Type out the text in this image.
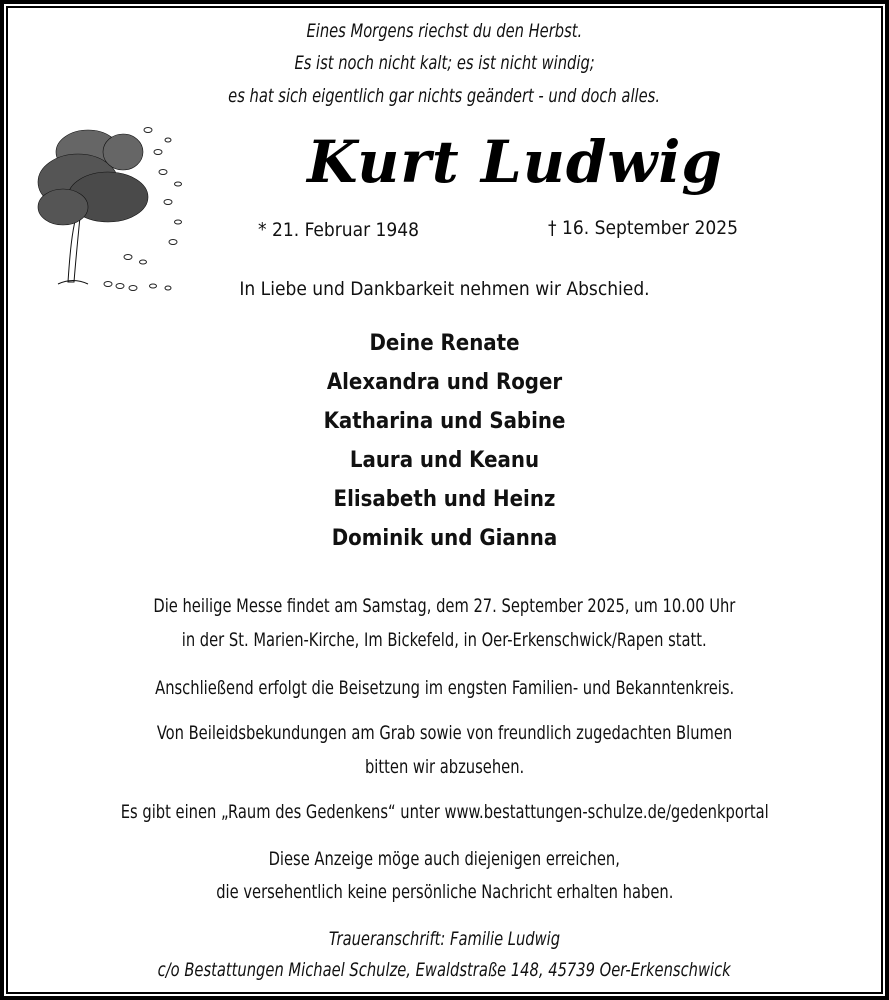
Eines Morgens riechst du den Herbst.
Es ist noch nicht kalt; es ist nicht windig;
es hat sich eigentlich gar nichts geändert - und doch alles.
Kurt Ludwig
* 21. Februar 1948	† 16. September 2025
In Liebe und Dankbarkeit nehmen wir Abschied.
Deine Renate
Alexandra und Roger
Katharina und Sabine
Laura und Keanu
Elisabeth und Heinz
Dominik und Gianna
Die heilige Messe findet am Samstag, dem 27. September 2025, um 10.00 Uhr
in der St. Marien-Kirche, Im Bickefeld, in Oer-Erkenschwick/Rapen statt.
Anschließend erfolgt die Beisetzung im engsten Familien- und Bekanntenkreis.
Von Beileidsbekundungen am Grab sowie von freundlich zugedachten Blumen
bitten wir abzusehen.
Es gibt einen „Raum des Gedenkens“ unter www.bestattungen-schulze.de/gedenkportal
Diese Anzeige möge auch diejenigen erreichen,
die versehentlich keine persönliche Nachricht erhalten haben.
Traueranschrift: Familie Ludwig
c/o Bestattungen Michael Schulze, Ewaldstraße 148, 45739 Oer-Erkenschwick
